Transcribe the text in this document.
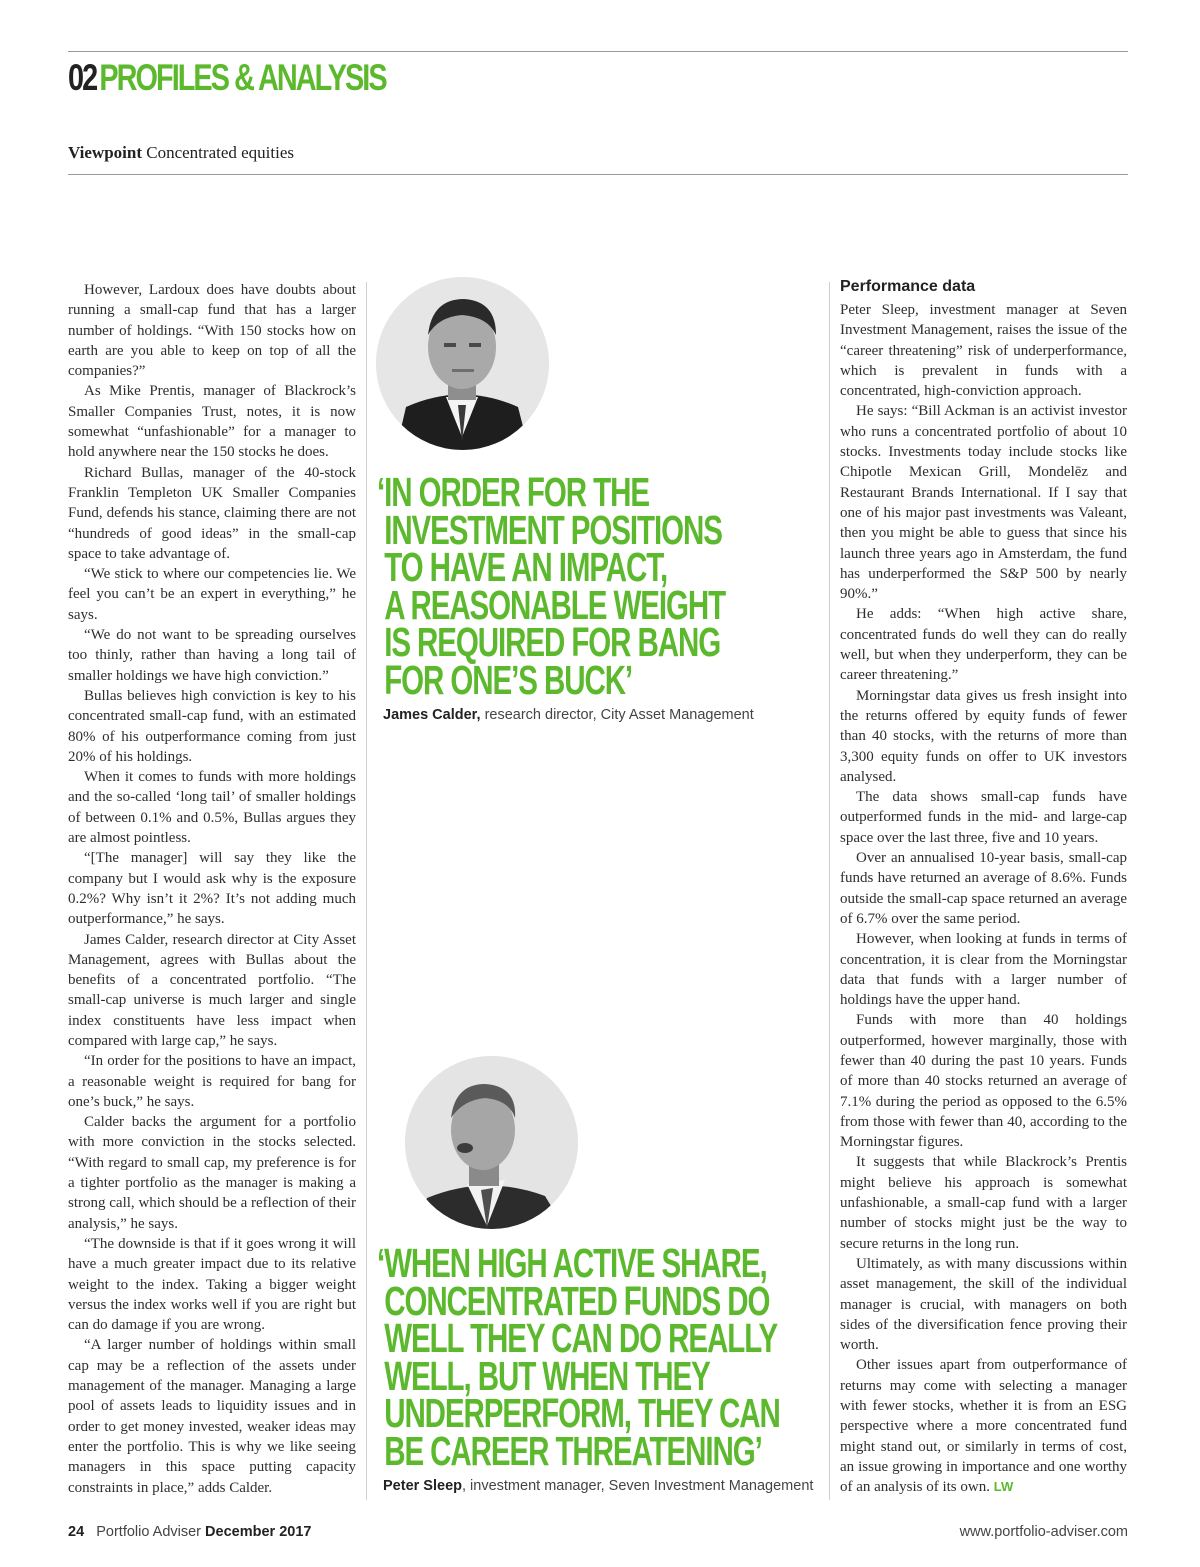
02PROFILES & ANALYSIS
Viewpoint Concentrated equities

However, Lardoux does have doubts about running a small-cap fund that has a larger number of holdings. “With 150 stocks how on earth are you able to keep on top of all the companies?”

As Mike Prentis, manager of Blackrock’s Smaller Companies Trust, notes, it is now somewhat “unfashionable” for a manager to hold anywhere near the 150 stocks he does.

Richard Bullas, manager of the 40-stock Franklin Templeton UK Smaller Companies Fund, defends his stance, claiming there are not “hundreds of good ideas” in the small-cap space to take advantage of.

“We stick to where our competencies lie. We feel you can’t be an expert in everything,” he says.

“We do not want to be spreading ourselves too thinly, rather than having a long tail of smaller holdings we have high conviction.”

Bullas believes high conviction is key to his concentrated small-cap fund, with an estimated 80% of his outperformance coming from just 20% of his holdings.

When it comes to funds with more holdings and the so-called ‘long tail’ of smaller holdings of between 0.1% and 0.5%, Bullas argues they are almost pointless.

“[The manager] will say they like the company but I would ask why is the exposure 0.2%? Why isn’t it 2%? It’s not adding much outperformance,” he says.

James Calder, research director at City Asset Management, agrees with Bullas about the benefits of a concentrated portfolio. “The small-cap universe is much larger and single index constituents have less impact when compared with large cap,” he says.

“In order for the positions to have an impact, a reasonable weight is required for bang for one’s buck,” he says.

Calder backs the argument for a portfolio with more conviction in the stocks selected. “With regard to small cap, my preference is for a tighter portfolio as the manager is making a strong call, which should be a reflection of their analysis,” he says.

“The downside is that if it goes wrong it will have a much greater impact due to its relative weight to the index. Taking a bigger weight versus the index works well if you are right but can do damage if you are wrong.

“A larger number of holdings within small cap may be a reflection of the assets under management of the manager. Managing a large pool of assets leads to liquidity issues and in order to get money invested, weaker ideas may enter the portfolio. This is why we like seeing managers in this space putting capacity constraints in place,” adds Calder.

‘IN ORDER FOR THE
INVESTMENT POSITIONS
TO HAVE AN IMPACT,
A REASONABLE WEIGHT
IS REQUIRED FOR BANG
FOR ONE’S BUCK’
James Calder, research director, City Asset Management
‘WHEN HIGH ACTIVE SHARE,
CONCENTRATED FUNDS DO
WELL THEY CAN DO REALLY
WELL, BUT WHEN THEY
UNDERPERFORM, THEY CAN
BE CAREER THREATENING’
Peter Sleep, investment manager, Seven Investment Management
Performance data

Peter Sleep, investment manager at Seven Investment Management, raises the issue of the “career threatening” risk of underperformance, which is prevalent in funds with a concentrated, high-conviction approach.

He says: “Bill Ackman is an activist investor who runs a concentrated portfolio of about 10 stocks. Investments today include stocks like Chipotle Mexican Grill, Mondelēz and Restaurant Brands International. If I say that one of his major past investments was Valeant, then you might be able to guess that since his launch three years ago in Amsterdam, the fund has underperformed the S&P 500 by nearly 90%.”

He adds: “When high active share, concentrated funds do well they can do really well, but when they underperform, they can be career threatening.”

Morningstar data gives us fresh insight into the returns offered by equity funds of fewer than 40 stocks, with the returns of more than 3,300 equity funds on offer to UK investors analysed.

The data shows small-cap funds have outperformed funds in the mid- and large-cap space over the last three, five and 10 years.

Over an annualised 10-year basis, small-cap funds have returned an average of 8.6%. Funds outside the small-cap space returned an average of 6.7% over the same period.

However, when looking at funds in terms of concentration, it is clear from the Morningstar data that funds with a larger number of holdings have the upper hand.

Funds with more than 40 holdings outperformed, however marginally, those with fewer than 40 during the past 10 years. Funds of more than 40 stocks returned an average of 7.1% during the period as opposed to the 6.5% from those with fewer than 40, according to the Morningstar figures.

It suggests that while Blackrock’s Prentis might believe his approach is somewhat unfashionable, a small-cap fund with a larger number of stocks might just be the way to secure returns in the long run.

Ultimately, as with many discussions within asset management, the skill of the individual manager is crucial, with managers on both sides of the diversification fence proving their worth.

Other issues apart from outperformance of returns may come with selecting a manager with fewer stocks, whether it is from an ESG perspective where a more concentrated fund might stand out, or similarly in terms of cost, an issue growing in importance and one worthy of an analysis of its own. LW

24 Portfolio Adviser December 2017	www.portfolio-adviser.com
